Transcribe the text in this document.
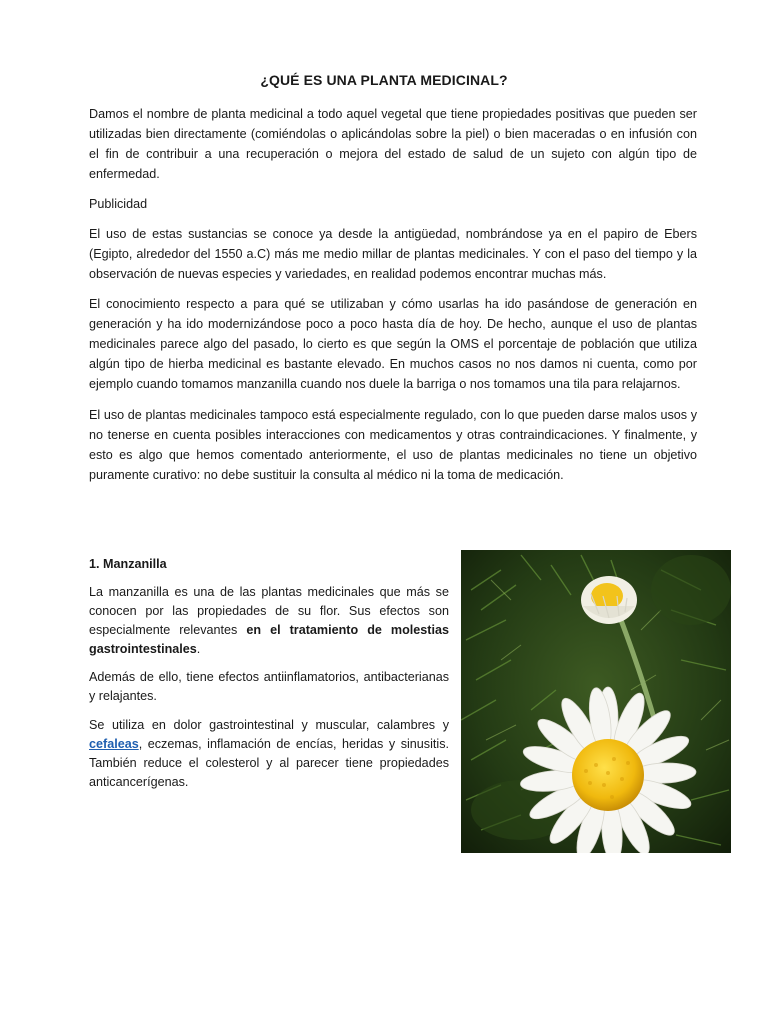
¿QUÉ ES UNA PLANTA MEDICINAL?

Damos el nombre de planta medicinal a todo aquel vegetal que tiene propiedades positivas que pueden ser utilizadas bien directamente (comiéndolas o aplicándolas sobre la piel) o bien maceradas o en infusión con el fin de contribuir a una recuperación o mejora del estado de salud de un sujeto con algún tipo de enfermedad.

Publicidad

El uso de estas sustancias se conoce ya desde la antigüedad, nombrándose ya en el papiro de Ebers (Egipto, alrededor del 1550 a.C) más me medio millar de plantas medicinales. Y con el paso del tiempo y la observación de nuevas especies y variedades, en realidad podemos encontrar muchas más.

El conocimiento respecto a para qué se utilizaban y cómo usarlas ha ido pasándose de generación en generación y ha ido modernizándose poco a poco hasta día de hoy. De hecho, aunque el uso de plantas medicinales parece algo del pasado, lo cierto es que según la OMS el porcentaje de población que utiliza algún tipo de hierba medicinal es bastante elevado. En muchos casos no nos damos ni cuenta, como por ejemplo cuando tomamos manzanilla cuando nos duele la barriga o nos tomamos una tila para relajarnos.

El uso de plantas medicinales tampoco está especialmente regulado, con lo que pueden darse malos usos y no tenerse en cuenta posibles interacciones con medicamentos y otras contraindicaciones. Y finalmente, y esto es algo que hemos comentado anteriormente, el uso de plantas medicinales no tiene un objetivo puramente curativo: no debe sustituir la consulta al médico ni la toma de medicación.

1. Manzanilla

La manzanilla es una de las plantas medicinales que más se conocen por las propiedades de su flor. Sus efectos son especialmente relevantes en el tratamiento de molestias gastrointestinales.

Además de ello, tiene efectos antiinflamatorios, antibacterianas y relajantes.

Se utiliza en dolor gastrointestinal y muscular, calambres y cefaleas, eczemas, inflamación de encías, heridas y sinusitis. También reduce el colesterol y al parecer tiene propiedades anticancerígenas.
